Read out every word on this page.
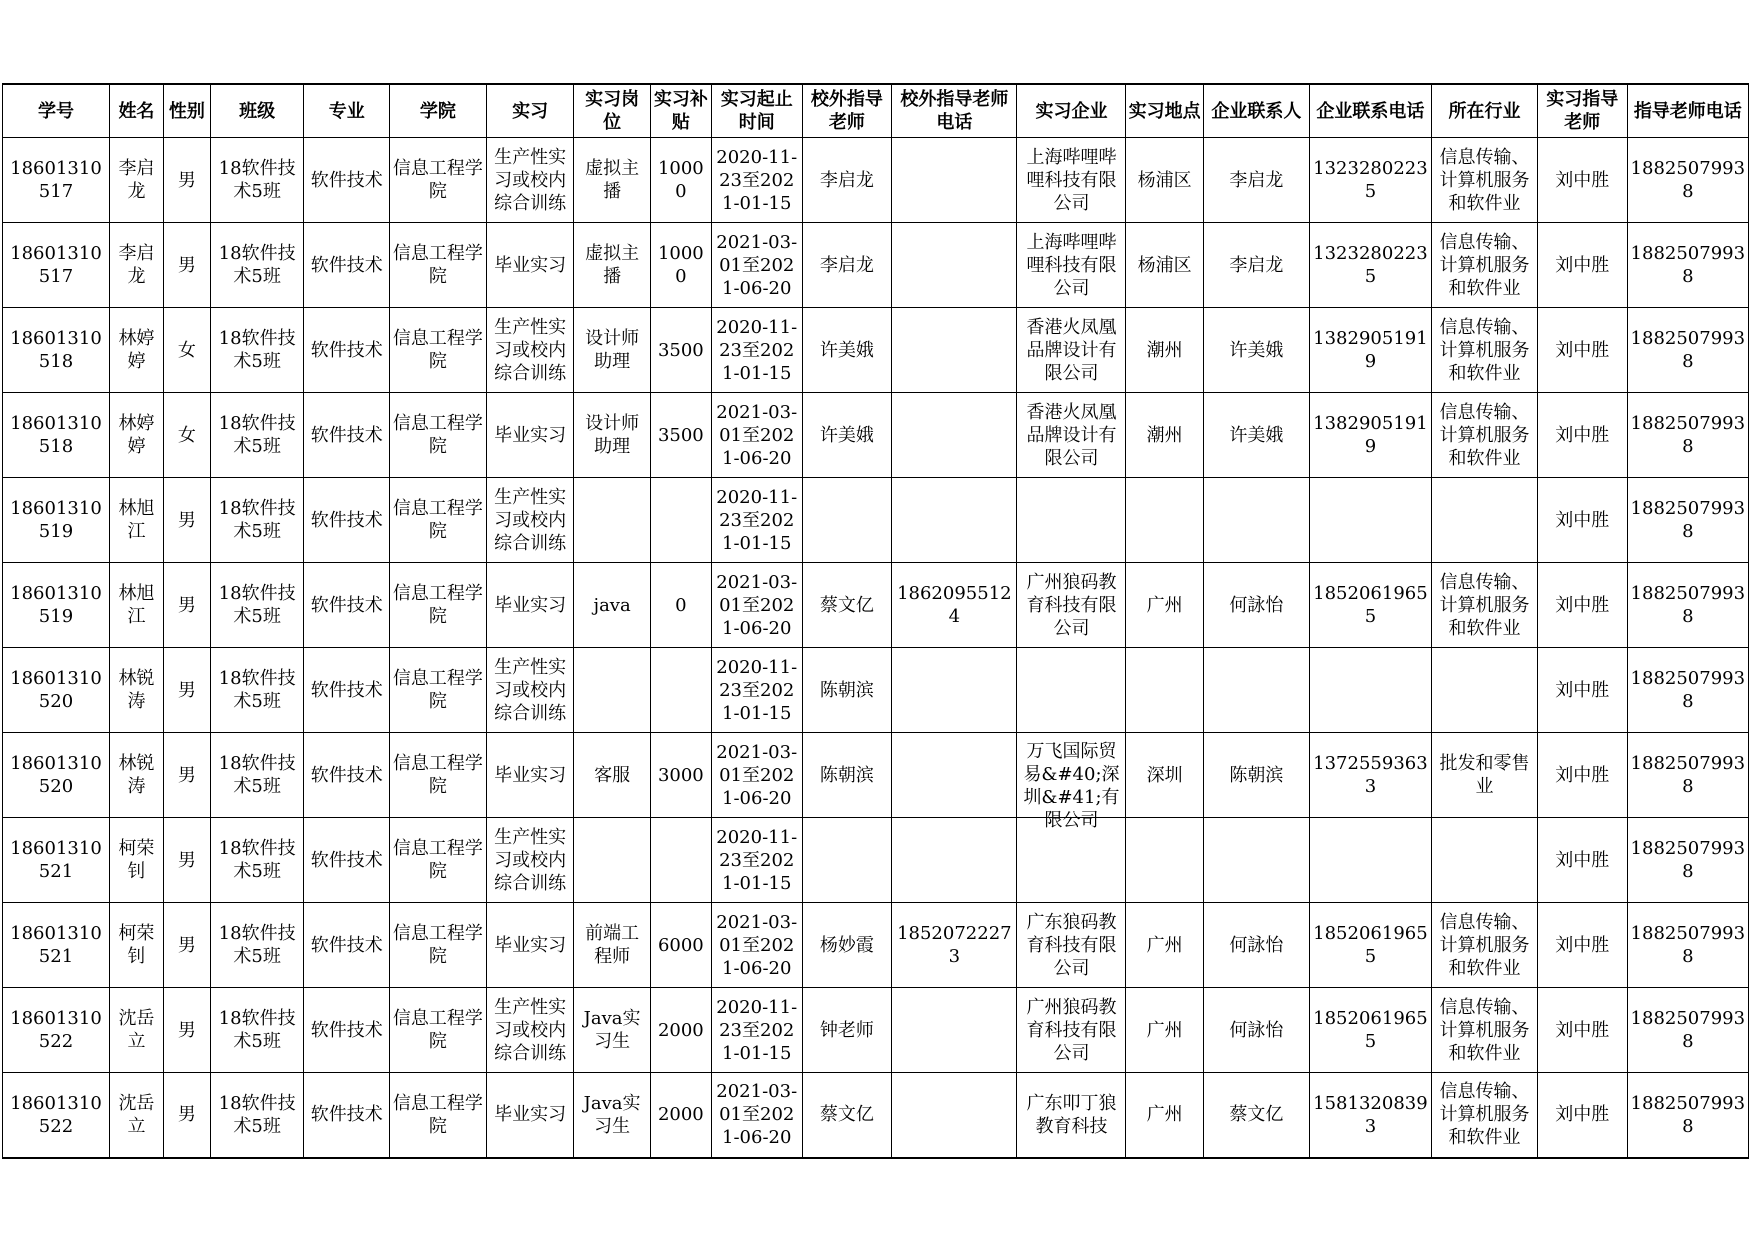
学号	姓名	性别	班级	专业	学院	实习	实习岗位	实习补贴	实习起止时间	校外指导老师	校外指导老师电话	实习企业	实习地点	企业联系人	企业联系电话	所在行业	实习指导老师	指导老师电话

18601310517	李启龙	男	18软件技术5班	软件技术	信息工程学院	生产性实习或校内综合训练	虚拟主播	10000	2020-11-23至2021-01-15	李启龙		上海哔哩哔哩科技有限公司	杨浦区	李启龙	13232802235	信息传输、计算机服务和软件业	刘中胜	18825079938

18601310517	李启龙	男	18软件技术5班	软件技术	信息工程学院	毕业实习	虚拟主播	10000	2021-03-01至2021-06-20	李启龙		上海哔哩哔哩科技有限公司	杨浦区	李启龙	13232802235	信息传输、计算机服务和软件业	刘中胜	18825079938

18601310518	林婷婷	女	18软件技术5班	软件技术	信息工程学院	生产性实习或校内综合训练	设计师助理	3500	2020-11-23至2021-01-15	许美娥		香港火凤凰品牌设计有限公司	潮州	许美娥	13829051919	信息传输、计算机服务和软件业	刘中胜	18825079938

18601310518	林婷婷	女	18软件技术5班	软件技术	信息工程学院	毕业实习	设计师助理	3500	2021-03-01至2021-06-20	许美娥		香港火凤凰品牌设计有限公司	潮州	许美娥	13829051919	信息传输、计算机服务和软件业	刘中胜	18825079938

18601310519	林旭江	男	18软件技术5班	软件技术	信息工程学院	生产性实习或校内综合训练			2020-11-23至2021-01-15								刘中胜	18825079938

18601310519	林旭江	男	18软件技术5班	软件技术	信息工程学院	毕业实习	java	0	2021-03-01至2021-06-20	蔡文亿	18620955124	广州狼码教育科技有限公司	广州	何詠怡	18520619655	信息传输、计算机服务和软件业	刘中胜	18825079938

18601310520	林锐涛	男	18软件技术5班	软件技术	信息工程学院	生产性实习或校内综合训练			2020-11-23至2021-01-15	陈朝滨							刘中胜	18825079938

18601310520	林锐涛	男	18软件技术5班	软件技术	信息工程学院	毕业实习	客服	3000	2021-03-01至2021-06-20	陈朝滨		万飞国际贸易&#40;深圳&#41;有限公司	深圳	陈朝滨	13725593633	批发和零售业	刘中胜	18825079938

18601310521	柯荣钊	男	18软件技术5班	软件技术	信息工程学院	生产性实习或校内综合训练			2020-11-23至2021-01-15								刘中胜	18825079938

18601310521	柯荣钊	男	18软件技术5班	软件技术	信息工程学院	毕业实习	前端工程师	6000	2021-03-01至2021-06-20	杨妙霞	18520722273	广东狼码教育科技有限公司	广州	何詠怡	18520619655	信息传输、计算机服务和软件业	刘中胜	18825079938

18601310522	沈岳立	男	18软件技术5班	软件技术	信息工程学院	生产性实习或校内综合训练	Java实习生	2000	2020-11-23至2021-01-15	钟老师		广州狼码教育科技有限公司	广州	何詠怡	18520619655	信息传输、计算机服务和软件业	刘中胜	18825079938

18601310522	沈岳立	男	18软件技术5班	软件技术	信息工程学院	毕业实习	Java实习生	2000	2021-03-01至2021-06-20	蔡文亿		广东叩丁狼教育科技	广州	蔡文亿	15813208393	信息传输、计算机服务和软件业	刘中胜	18825079938
